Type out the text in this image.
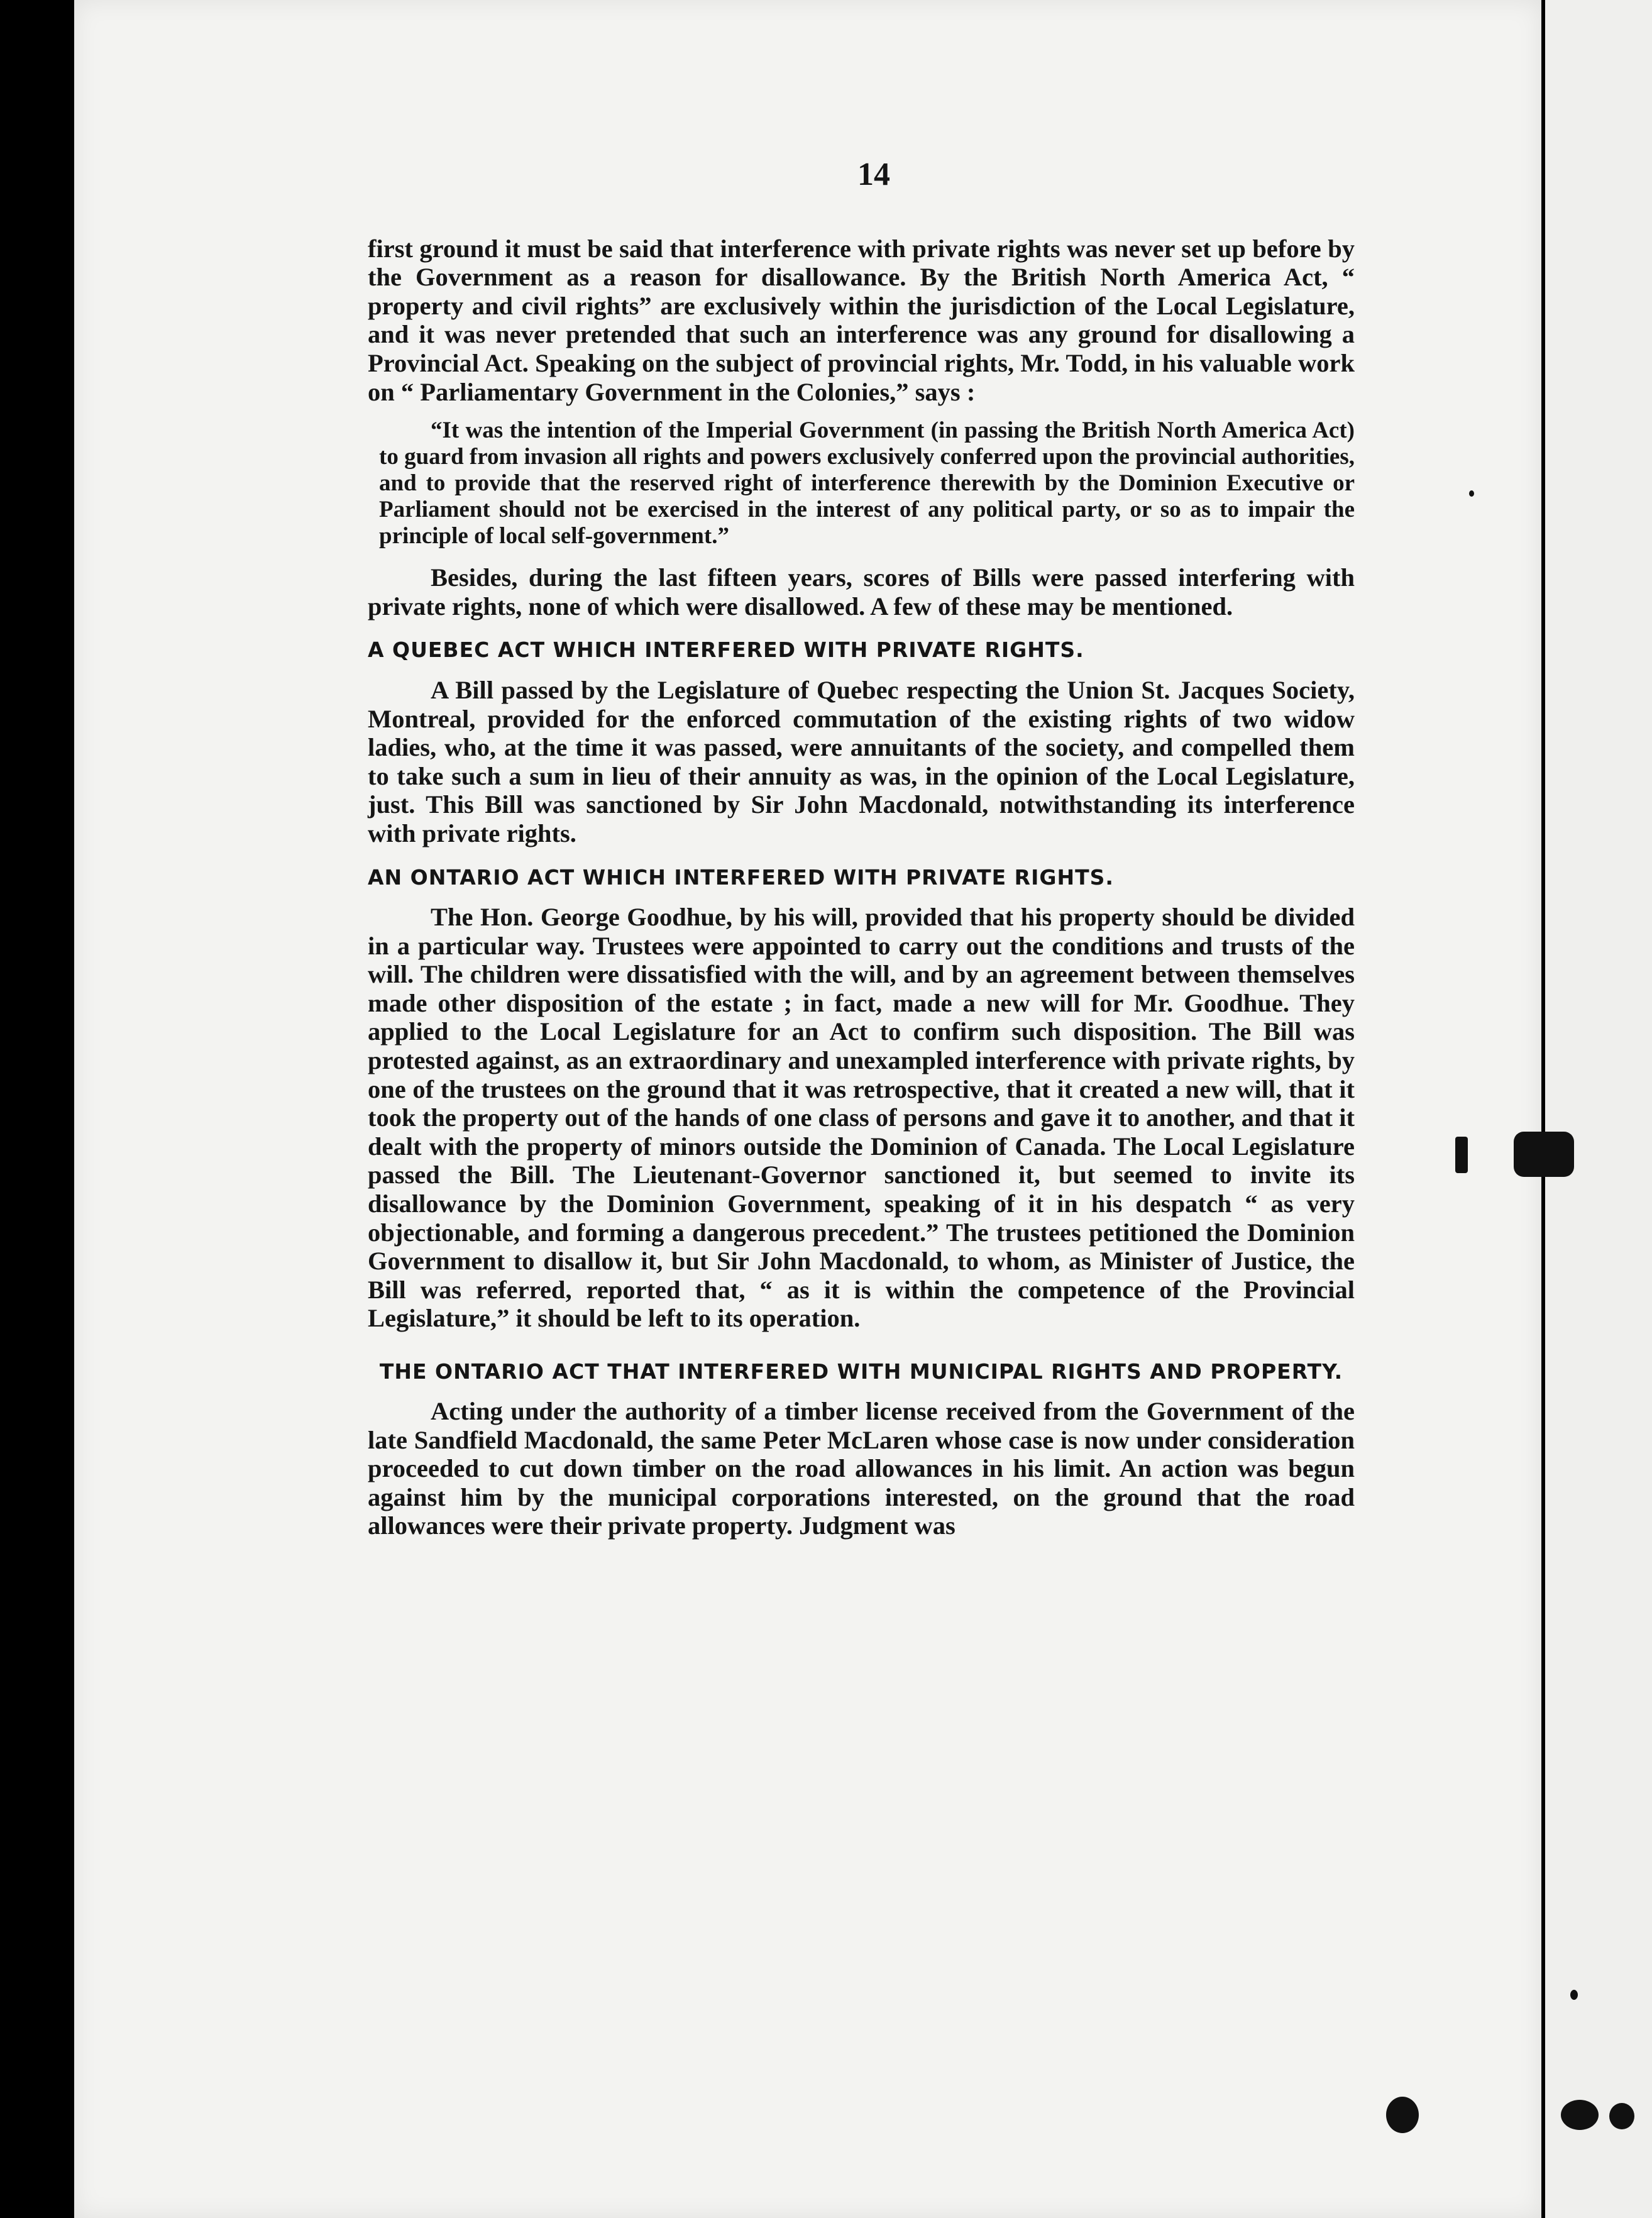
14

first ground it must be said that interference with private rights was never set up before by the Government as a reason for disallowance. By the British North America Act, “ property and civil rights” are exclusively within the jurisdiction of the Local Legislature, and it was never pretended that such an interference was any ground for disallowing a Provincial Act. Speaking on the subject of provincial rights, Mr. Todd, in his valuable work on “ Parliamentary Government in the Colonies,” says :

“It was the intention of the Imperial Government (in passing the British North America Act) to guard from invasion all rights and powers exclusively conferred upon the provincial authorities, and to provide that the reserved right of interference therewith by the Dominion Executive or Parliament should not be exercised in the interest of any political party, or so as to impair the principle of local self-government.”

Besides, during the last fifteen years, scores of Bills were passed interfering with private rights, none of which were disallowed. A few of these may be mentioned.

A QUEBEC ACT WHICH INTERFERED WITH PRIVATE RIGHTS.

A Bill passed by the Legislature of Quebec respecting the Union St. Jacques Society, Montreal, provided for the enforced commutation of the existing rights of two widow ladies, who, at the time it was passed, were annuitants of the society, and compelled them to take such a sum in lieu of their annuity as was, in the opinion of the Local Legislature, just. This Bill was sanctioned by Sir John Macdonald, notwithstanding its interference with private rights.

AN ONTARIO ACT WHICH INTERFERED WITH PRIVATE RIGHTS.

The Hon. George Goodhue, by his will, provided that his property should be divided in a particular way. Trustees were appointed to carry out the conditions and trusts of the will. The children were dissatisfied with the will, and by an agreement between themselves made other disposition of the estate ; in fact, made a new will for Mr. Goodhue. They applied to the Local Legislature for an Act to confirm such disposition. The Bill was protested against, as an extraordinary and unexampled interference with private rights, by one of the trustees on the ground that it was retrospective, that it created a new will, that it took the property out of the hands of one class of persons and gave it to another, and that it dealt with the property of minors outside the Dominion of Canada. The Local Legislature passed the Bill. The Lieutenant-Governor sanctioned it, but seemed to invite its disallowance by the Dominion Government, speaking of it in his despatch “ as very objectionable, and forming a dangerous precedent.” The trustees petitioned the Dominion Government to disallow it, but Sir John Macdonald, to whom, as Minister of Justice, the Bill was referred, reported that, “ as it is within the competence of the Provincial Legislature,” it should be left to its operation.

THE ONTARIO ACT THAT INTERFERED WITH MUNICIPAL RIGHTS AND PROPERTY.

Acting under the authority of a timber license received from the Government of the late Sandfield Macdonald, the same Peter McLaren whose case is now under consideration proceeded to cut down timber on the road allowances in his limit. An action was begun against him by the municipal corporations interested, on the ground that the road allowances were their private property. Judgment was
